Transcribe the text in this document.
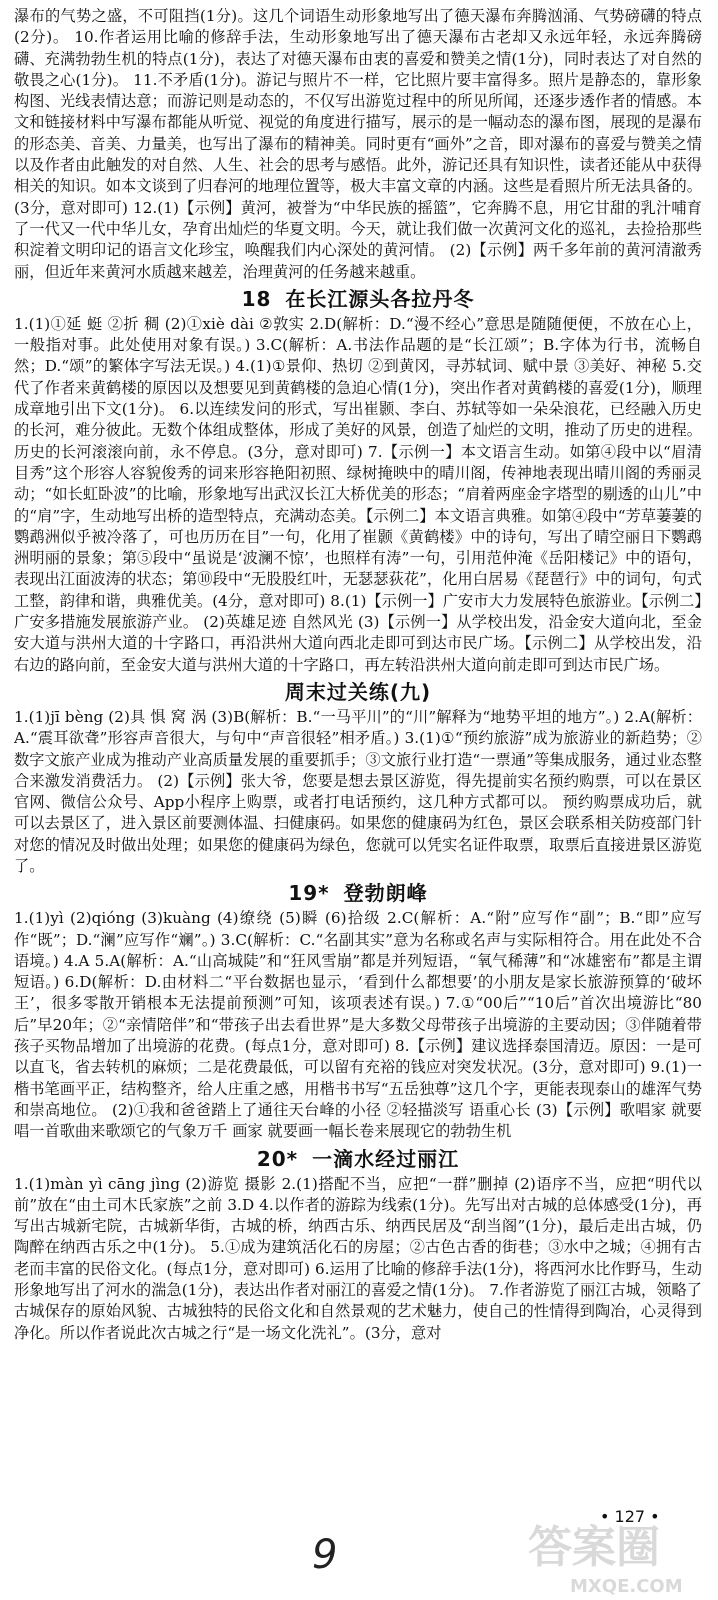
瀑布的气势之盛，不可阻挡(1分)。这几个词语生动形象地写出了德天瀑布奔腾汹涌、气势磅礴的特点(2分)。 10.作者运用比喻的修辞手法，生动形象地写出了德天瀑布古老却又永远年轻，永远奔腾磅礴、充满勃勃生机的特点(1分)，表达了对德天瀑布由衷的喜爱和赞美之情(1分)，同时表达了对自然的敬畏之心(1分)。 11.不矛盾(1分)。游记与照片不一样，它比照片要丰富得多。照片是静态的，靠形象构图、光线表情达意；而游记则是动态的，不仅写出游览过程中的所见所闻，还逐步透作者的情感。本文和链接材料中写瀑布都能从听觉、视觉的角度进行描写，展示的是一幅动态的瀑布图，展现的是瀑布的形态美、音美、力量美，也写出了瀑布的精神美。同时更有“画外”之音，即对瀑布的喜爱与赞美之情以及作者由此触发的对自然、人生、社会的思考与感悟。此外，游记还具有知识性，读者还能从中获得相关的知识。如本文谈到了归春河的地理位置等，极大丰富文章的内涵。这些是看照片所无法具备的。(3分，意对即可) 12.(1)【示例】黄河，被誉为“中华民族的摇篮”，它奔腾不息，用它甘甜的乳汁哺育了一代又一代中华儿女，孕育出灿烂的华夏文明。今天，就让我们做一次黄河文化的巡礼，去捡拾那些积淀着文明印记的语言文化珍宝，唤醒我们内心深处的黄河情。 (2)【示例】两千多年前的黄河清澈秀丽，但近年来黄河水质越来越差，治理黄河的任务越来越重。

18 在长江源头各拉丹冬

1.(1)①延 蜓 ②折 稠 (2)①xiè dài ②敦实 2.D(解析：D.“漫不经心”意思是随随便便，不放在心上，一般指对事。此处使用对象有误。) 3.C(解析：A.书法作品题的是“长江颂”；B.字体为行书，流畅自然；D.“颂”的繁体字写法无误。) 4.(1)①景仰、热切 ②到黄冈，寻苏轼词、赋中景 ③美好、神秘 5.交代了作者来黄鹤楼的原因以及想要见到黄鹤楼的急迫心情(1分)，突出作者对黄鹤楼的喜爱(1分)，顺理成章地引出下文(1分)。 6.以连续发问的形式，写出崔颢、李白、苏轼等如一朵朵浪花，已经融入历史的长河，难分彼此。无数个体组成整体，形成了美好的风景，创造了灿烂的文明，推动了历史的进程。历史的长河滚滚向前，永不停息。(3分，意对即可) 7.【示例一】本文语言生动。如第④段中以“眉清目秀”这个形容人容貌俊秀的词来形容艳阳初照、绿树掩映中的晴川阁，传神地表现出晴川阁的秀丽灵动；“如长虹卧波”的比喻，形象地写出武汉长江大桥优美的形态；“肩着两座金字塔型的剔透的山儿”中的“肩”字，生动地写出桥的造型特点，充满动态美。【示例二】本文语言典雅。如第④段中“芳草萋萋的鹦鹉洲似乎被冷落了，可也历历在目”一句，化用了崔颢《黄鹤楼》中的诗句，写出了晴空丽日下鹦鹉洲明丽的景象；第⑤段中“虽说是‘波澜不惊’，也照样有涛”一句，引用范仲淹《岳阳楼记》中的语句，表现出江面波涛的状态；第⑩段中“无股股红叶，无瑟瑟荻花”，化用白居易《琵琶行》中的词句，句式工整，韵律和谐，典雅优美。(4分，意对即可) 8.(1)【示例一】广安市大力发展特色旅游业。【示例二】广安多措施发展旅游产业。 (2)英雄足迹 自然风光 (3)【示例一】从学校出发，沿金安大道向北，至金安大道与洪州大道的十字路口，再沿洪州大道向西北走即可到达市民广场。【示例二】从学校出发，沿右边的路向前，至金安大道与洪州大道的十字路口，再左转沿洪州大道向前走即可到达市民广场。

周末过关练(九)

1.(1)jī bèng (2)具 惧 窝 涡 (3)B(解析：B.“一马平川”的“川”解释为“地势平坦的地方”。) 2.A(解析：A.“震耳欲聋”形容声音很大，与句中“声音很轻”相矛盾。) 3.(1)①“预约旅游”成为旅游业的新趋势；②数字文旅产业成为推动产业高质量发展的重要抓手；③文旅行业打造“一票通”等集成服务，通过业态整合来激发消费活力。 (2)【示例】张大爷，您要是想去景区游览，得先提前实名预约购票，可以在景区官网、微信公众号、App小程序上购票，或者打电话预约，这几种方式都可以。 预约购票成功后，就可以去景区了，进入景区前要测体温、扫健康码。如果您的健康码为红色，景区会联系相关防疫部门针对您的情况及时做出处理；如果您的健康码为绿色，您就可以凭实名证件取票，取票后直接进景区游览了。

19* 登勃朗峰

1.(1)yì (2)qióng (3)kuàng (4)缭绕 (5)瞬 (6)拾级 2.C(解析：A.“附”应写作“副”；B.“即”应写作“既”；D.“澜”应写作“斓”。) 3.C(解析：C.“名副其实”意为名称或名声与实际相符合。用在此处不合语境。) 4.A 5.A(解析：A.“山高城陡”和“狂风雪崩”都是并列短语，“氧气稀薄”和“冰雄密布”都是主谓短语。) 6.D(解析：D.由材料二“平台数据也显示，‘看到什么都想要’的小朋友是家长旅游预算的‘破坏王’，很多零散开销根本无法提前预测”可知，该项表述有误。) 7.①“00后”“10后”首次出境游比“80后”早20年；②“亲情陪伴”和“带孩子出去看世界”是大多数父母带孩子出境游的主要动因；③伴随着带孩子买物品增加了出境游的花费。(每点1分，意对即可) 8.【示例】建议选择泰国清迈。原因：一是可以直飞，省去转机的麻烦；二是花费最低，可以留有充裕的钱应对突发状况。(3分，意对即可) 9.(1)一 楷书笔画平正，结构整齐，给人庄重之感，用楷书书写“五岳独尊”这几个字，更能表现泰山的雄浑气势和崇高地位。 (2)①我和爸爸踏上了通往天台峰的小径 ②轻描淡写 语重心长 (3)【示例】歌唱家 就要唱一首歌曲来歌颂它的气象万千 画家 就要画一幅长卷来展现它的勃勃生机

20* 一滴水经过丽江

1.(1)màn yì cāng jìng (2)游览 摄影 2.(1)搭配不当，应把“一群”删掉 (2)语序不当，应把“明代以前”放在“由土司木氏家族”之前 3.D 4.以作者的游踪为线索(1分)。先写出对古城的总体感受(1分)，再写出古城新宅院，古城新华街，古城的桥，纳西古乐、纳西民居及“刮当阁”(1分)，最后走出古城，仍陶醉在纳西古乐之中(1分)。 5.①成为建筑活化石的房屋；②古色古香的街巷；③水中之城；④拥有古老而丰富的民俗文化。(每点1分，意对即可) 6.运用了比喻的修辞手法(1分)，将西河水比作野马，生动形象地写出了河水的湍急(1分)，表达出作者对丽江的喜爱之情(1分)。 7.作者游览了丽江古城，领略了古城保存的原始风貌、古城独特的民俗文化和自然景观的艺术魅力，使自己的性情得到陶冶，心灵得到净化。所以作者说此次古城之行“是一场文化洗礼”。(3分，意对

• 127 •
9	答案圈
MXQE.COM
